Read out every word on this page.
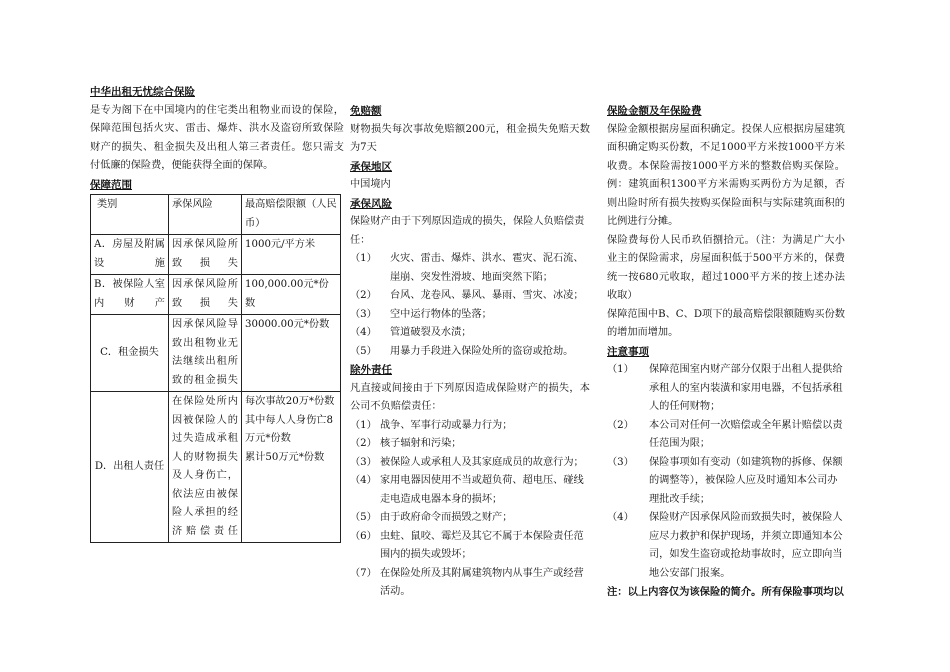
中华出租无忧综合保险

是专为阁下在中国境内的住宅类出租物业而设的保险，保障范围包括火灾、雷击、爆炸、洪水及盗窃所致保险财产的损失、租金损失及出租人第三者责任。您只需支付低廉的保险费，便能获得全面的保障。

保障范围
类别	承保风险	最高赔偿限额（人民币）
A．房屋及附属设施	因承保风险所致损失	1000元/平方米
B．被保险人室内财产	因承保风险所致损失	100,000.00元*份数
C．租金损失	因承保风险导致出租物业无法继续出租所致的租金损失	30000.00元*份数
D．出租人责任	在保险处所内因被保险人的过失造成承租人的财物损失及人身伤亡，依法应由被保险人承担的经济赔偿责任	每次事故20万*份数
其中每人人身伤亡8万元*份数
累计50万元*份数
免赔额

财物损失每次事故免赔额200元，租金损失免赔天数为7天

承保地区

中国境内

承保风险

保险财产由于下列原因造成的损失，保险人负赔偿责任：

（1）	火灾、雷击、爆炸、洪水、雹灾、泥石流、崖崩、突发性滑坡、地面突然下陷；
（2）	台风、龙卷风、暴风、暴雨、雪灾、冰凌；
（3）	空中运行物体的坠落；
（4）	管道破裂及水渍；
（5）	用暴力手段进入保险处所的盗窃或抢劫。
除外责任

凡直接或间接由于下列原因造成保险财产的损失，本公司不负赔偿责任：

（1） 战争、军事行动或暴力行为；
（2） 核子辐射和污染；
（3） 被保险人或承租人及其家庭成员的故意行为；
（4） 家用电器因使用不当或超负荷、超电压、碰线走电造成电器本身的损坏；
（5） 由于政府命令而损毁之财产；
（6） 虫蛀、鼠咬、霉烂及其它不属于本保险责任范围内的损失或毁坏；
（7） 在保险处所及其附属建筑物内从事生产或经营活动。
保险金额及年保险费

保险金额根据房屋面积确定。投保人应根据房屋建筑面积确定购买份数，不足1000平方米按1000平方米收费。本保险需按1000平方米的整数倍购买保险。例：建筑面积1300平方米需购买两份方为足额，否则出险时所有损失按购买保险面积与实际建筑面积的比例进行分摊。

保险费每份人民币玖佰捌拾元。（注：为满足广大小业主的保险需求，房屋面积低于500平方米的，保费统一按680元收取，超过1000平方米的按上述办法收取）

保障范围中B、C、D项下的最高赔偿限额随购买份数的增加而增加。

注意事项
（1）	保障范围室内财产部分仅限于出租人提供给承租人的室内装潢和家用电器，不包括承租人的任何财物；
（2）	本公司对任何一次赔偿或全年累计赔偿以责任范围为限；
（3）	保险事项如有变动（如建筑物的拆修、保额的调整等），被保险人应及时通知本公司办理批改手续；
（4）	保险财产因承保风险而致损失时，被保险人应尽力救护和保护现场，并须立即通知本公司，如发生盗窃或抢劫事故时，应立即向当地公安部门报案。
注：以上内容仅为该保险的简介。所有保险事项均以
